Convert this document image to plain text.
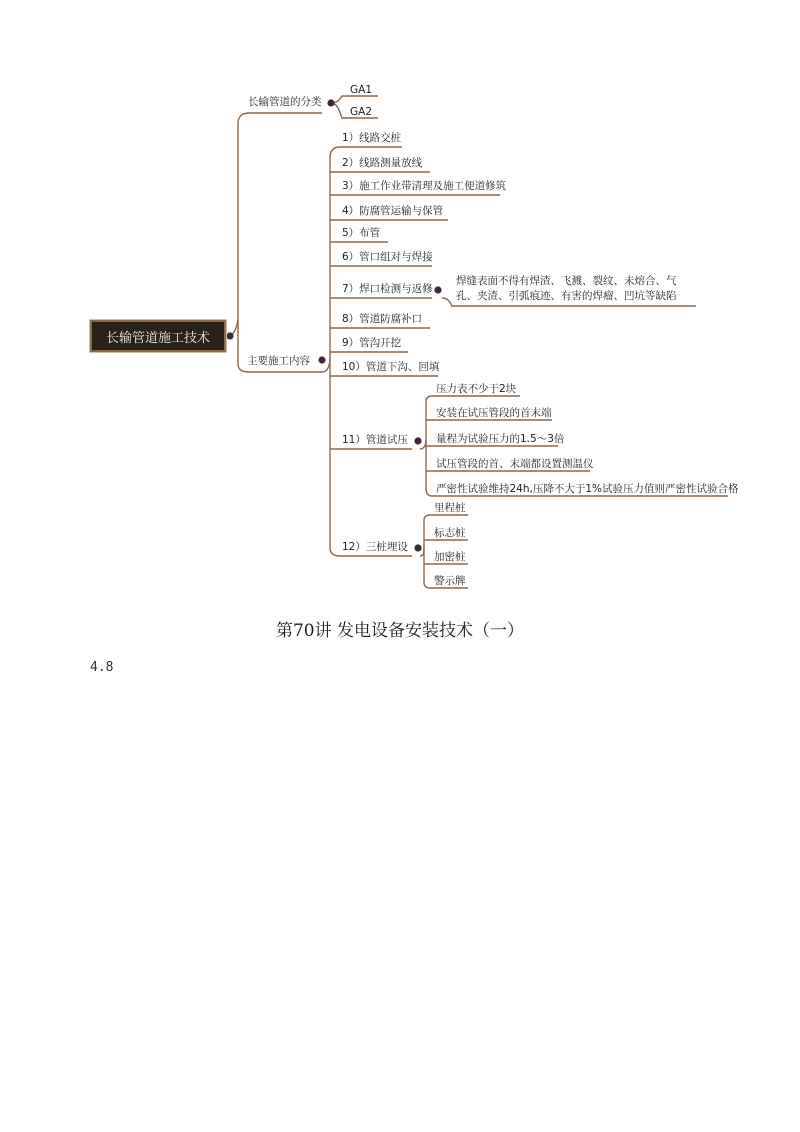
长输管道施工技术
长输管道的分类
GA1
GA2
主要施工内容
1）线路交桩
2）线路测量放线
3）施工作业带清理及施工便道修筑
4）防腐管运输与保管
5）布管
6）管口组对与焊接
7）焊口检测与返修
8）管道防腐补口
9）管沟开挖
10）管道下沟、回填
11）管道试压
12）三桩埋设
焊缝表面不得有焊渣、飞溅、裂纹、未熔合、气孔、夹渣、引弧痕迹、有害的焊瘤、凹坑等缺陷
压力表不少于2块
安装在试压管段的首末端
量程为试验压力的1.5～3倍
试压管段的首、末端都设置测温仪
严密性试验维持24h,压降不大于1%试验压力值则严密性试验合格
里程桩
标志桩
加密桩
警示牌
第70讲 发电设备安装技术（一）
4.8
